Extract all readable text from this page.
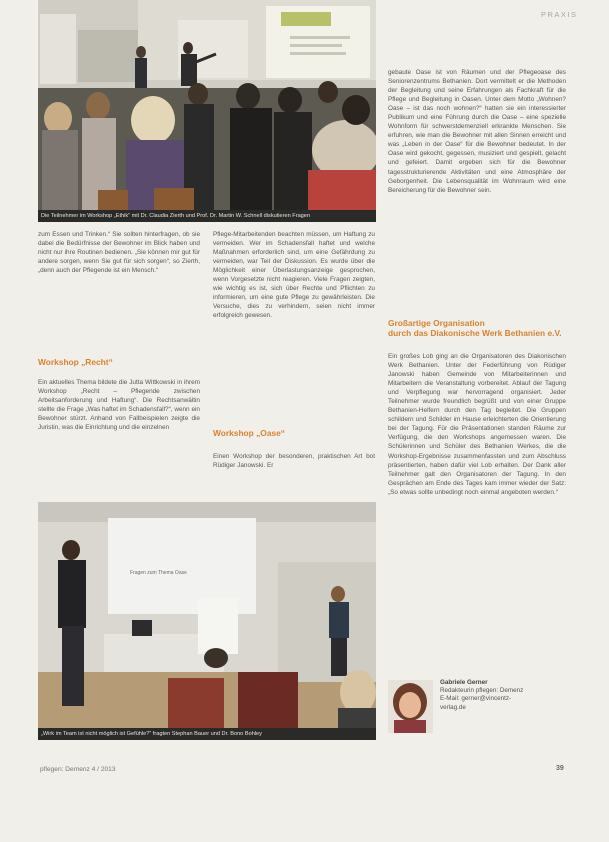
PRAXIS
Die Teilnehmer im Workshop „Ethik“ mit Dr. Claudia Zierth und Prof. Dr. Martin W. Schnell diskutieren Fragen

zum Essen und Trinken.“ Sie sollten hinterfragen, ob sie dabei die Bedürfnisse der Bewohner im Blick haben und nicht nur ihre Routinen bedienen. „Sie können mir gut für andere sorgen, wenn Sie gut für sich sorgen“, so Zierth, „denn auch der Pflegende ist ein Mensch.“

Workshop „Recht“

Ein aktuelles Thema bildete die Jutta Wittkowski in ihrem Workshop „Recht – Pflegende zwischen Arbeitsanforderung und Haftung“. Die Rechtsanwältin stellte die Frage „Was haftet im Schadensfall?“, wenn ein Bewohner stürzt. Anhand von Fallbeispielen zeigte die Juristin, was die Einrichtung und die einzelnen

Pflege-Mitarbeitenden beachten müssen, um Haftung zu vermeiden. Wer im Schadensfall haftet und welche Maßnahmen erforderlich sind, um eine Gefährdung zu vermeiden, war Teil der Diskussion. Es wurde über die Möglichkeit einer Überlastungsanzeige gesprochen, wenn Vorgesetzte nicht reagieren. Viele Fragen zeigten, wie wichtig es ist, sich über Rechte und Pflichten zu informieren, um eine gute Pflege zu gewährleisten. Die Versuche, dies zu verhindern, seien nicht immer erfolgreich gewesen.

Workshop „Oase“

Einen Workshop der besonderen, praktischen Art bot Rüdiger Janowski. Er

gebaute Oase ist von Räumen und der Pflegeoase des Seniorenzentrums Bethanien. Dort vermittelt er die Methoden der Begleitung und seine Erfahrungen als Fachkraft für die Pflege und Begleitung in Oasen. Unter dem Motto „Wohnen? Oase – ist das noch wohnen?“ hatten sie ein interessierter Publikum und eine Führung durch die Oase – eine spezielle Wohnform für schwerstdemenziell erkrankte Menschen. Sie erfuhren, wie man die Bewohner mit allen Sinnen erreicht und was „Leben in der Oase“ für die Bewohner bedeutet. In der Oase wird gekocht, gegessen, musiziert und gespielt, gelacht und gefeiert. Damit ergeben sich für die Bewohner tagesstrukturierende Aktivitäten und eine Atmosphäre der Geborgenheit. Die Lebensqualität im Wohnraum wird eine Bereicherung für die Bewohner sein.

Großartige Organisation
durch das Diakonische Werk Bethanien e.V.

Ein großes Lob ging an die Organisatoren des Diakonischen Werk Bethanien. Unter der Federführung von Rüdiger Janowski haben Gemeinde von Mitarbeiterinnen und Mitarbeitern die Veranstaltung vorbereitet. Ablauf der Tagung und Verpflegung war hervorragend organisiert. Jeder Teilnehmer wurde freundlich begrüßt und von einer Gruppe Bethanien-Helfern durch den Tag begleitet. Die Gruppen schildern und Schilder im Hause erleichterten die Orientierung bei der Tagung. Für die Präsentationen standen Räume zur Verfügung, die den Workshops angemessen waren. Die Schülerinnen und Schüler des Bethanien Werkes, die die Workshop-Ergebnisse zusammenfassten und zum Abschluss präsentierten, haben dafür viel Lob erhalten. Der Dank aller Teilnehmer galt den Organisatoren der Tagung. In den Gesprächen am Ende des Tages kam immer wieder der Satz: „So etwas sollte unbedingt noch einmal angeboten werden.“

Fragen zum Thema Oase
„Wirk im Team ist nicht möglich ist Gefühle?“ fragten Stephan Bauer und Dr. Bono Bohley
Gabriele Gerner
Redakteurin pflegen: Demenz
E-Mail: gerner@vincentz-
verlag.de
pflegen: Demenz 4 / 2013	39
